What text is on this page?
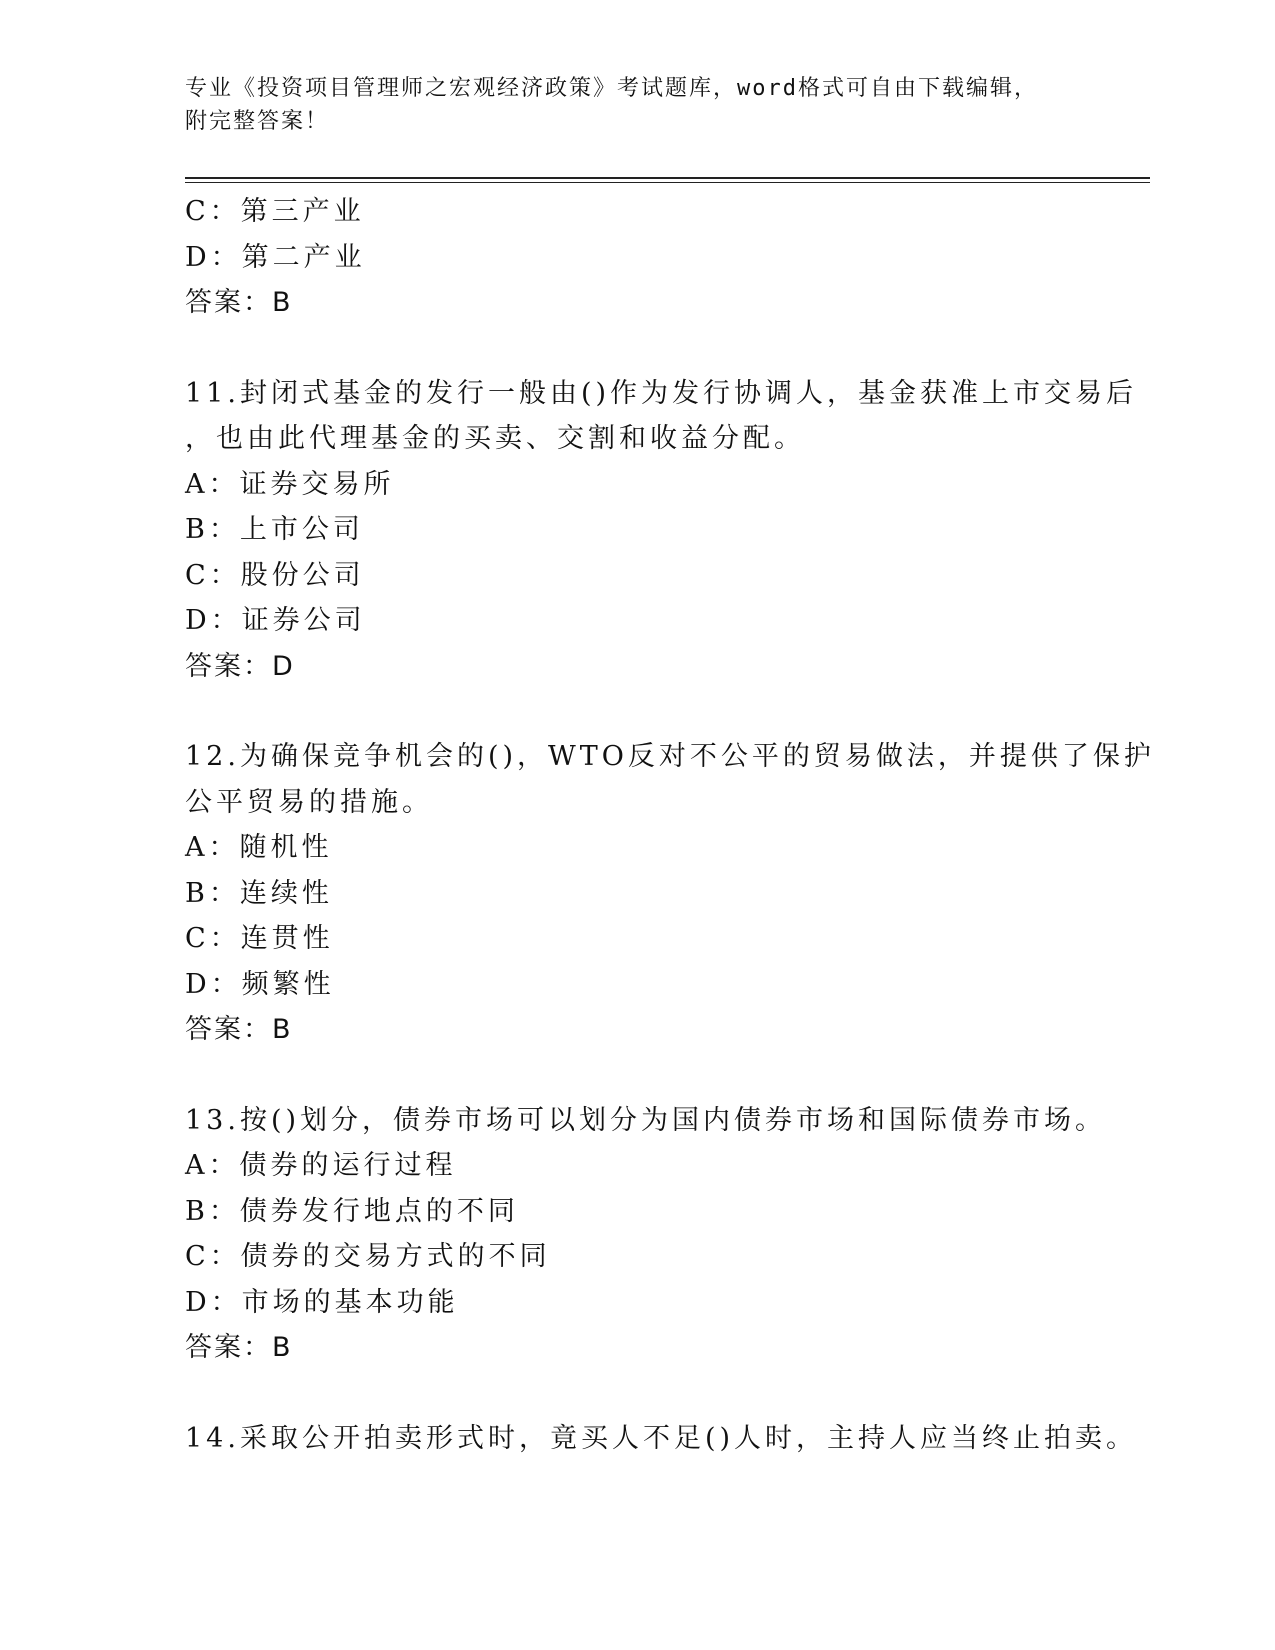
专业《投资项目管理师之宏观经济政策》考试题库，word格式可自由下载编辑，
附完整答案！
C：第三产业
D：第二产业
答案：B
11.封闭式基金的发行一般由()作为发行协调人，基金获准上市交易后
，也由此代理基金的买卖、交割和收益分配。
A：证券交易所
B：上市公司
C：股份公司
D：证券公司
答案：D
12.为确保竞争机会的()，WTO反对不公平的贸易做法，并提供了保护
公平贸易的措施。
A：随机性
B：连续性
C：连贯性
D：频繁性
答案：B
13.按()划分，债券市场可以划分为国内债券市场和国际债券市场。
A：债券的运行过程
B：债券发行地点的不同
C：债券的交易方式的不同
D：市场的基本功能
答案：B
14.采取公开拍卖形式时，竟买人不足()人时，主持人应当终止拍卖。
